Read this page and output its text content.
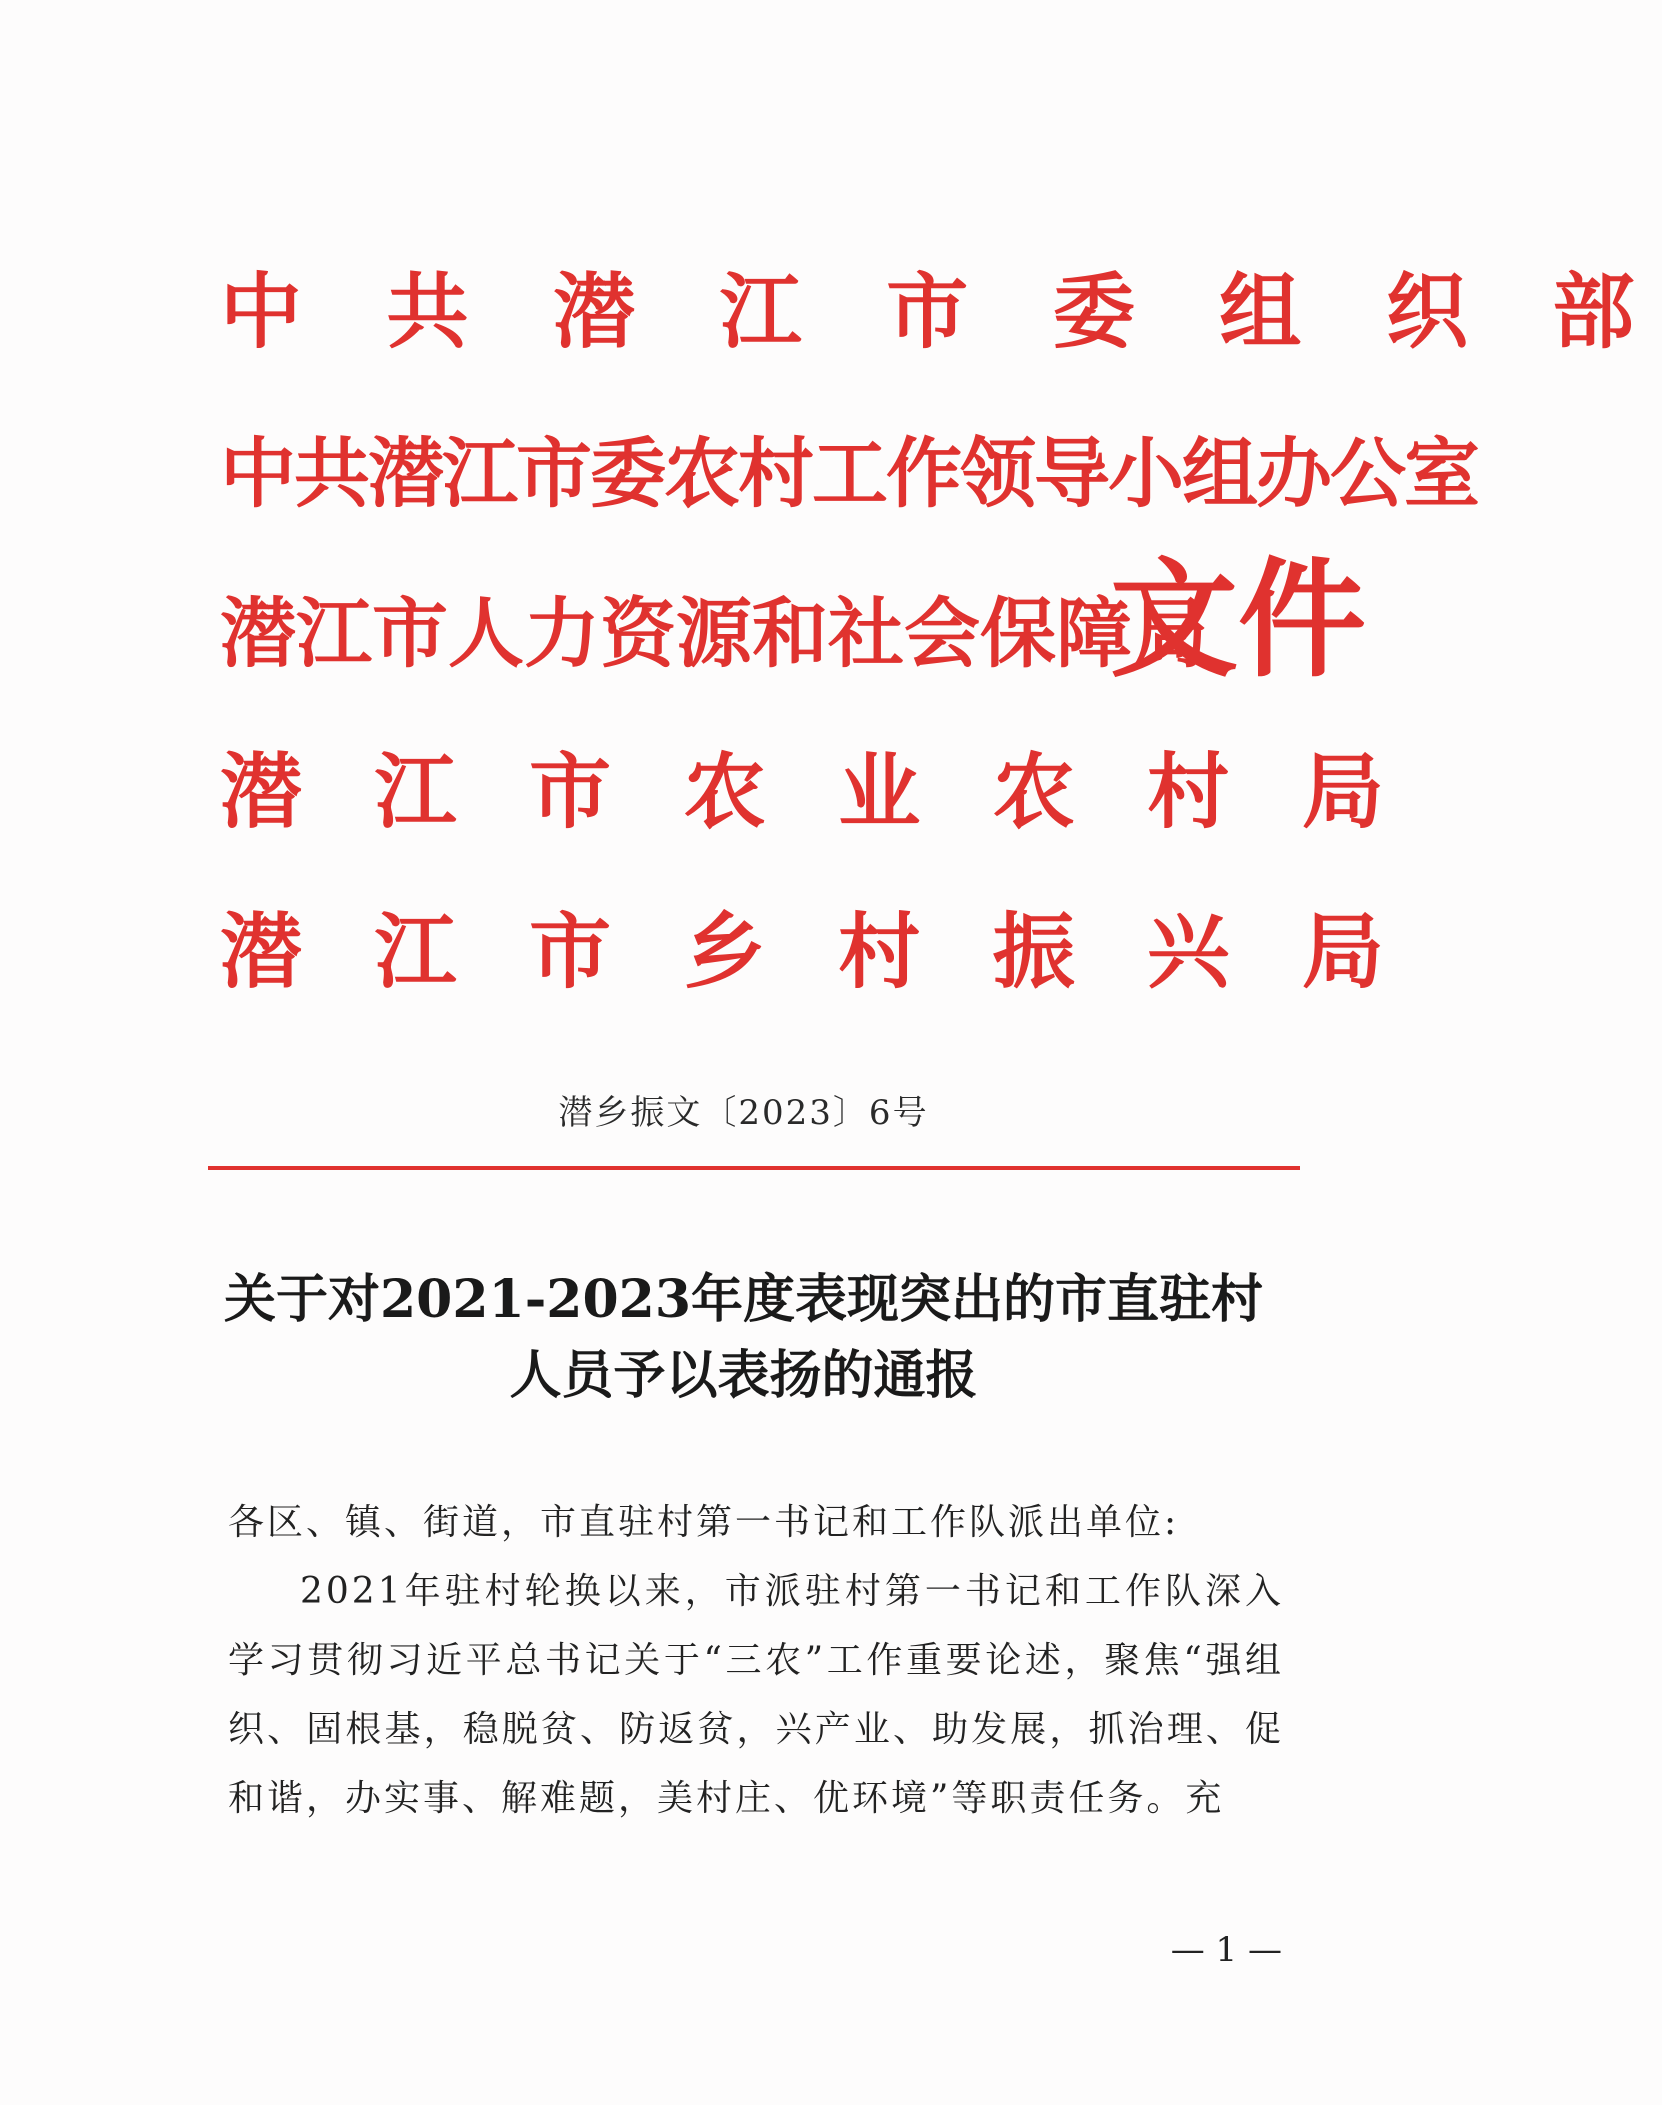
中 共 潜 江 市 委 组 织 部
中共潜江市委农村工作领导小组办公室
潜江市人力资源和社会保障局
潜 江 市 农 业 农 村 局
潜 江 市 乡 村 振 兴 局
文件
潜乡振文〔2023〕6号
关于对2021-2023年度表现突出的市直驻村
人员予以表扬的通报

各区、镇、街道，市直驻村第一书记和工作队派出单位:

2021年驻村轮换以来，市派驻村第一书记和工作队深入学习贯彻习近平总书记关于“三农”工作重要论述，聚焦“强组织、固根基，稳脱贫、防返贫，兴产业、助发展，抓治理、促和谐，办实事、解难题，美村庄、优环境”等职责任务。充

— 1 —
